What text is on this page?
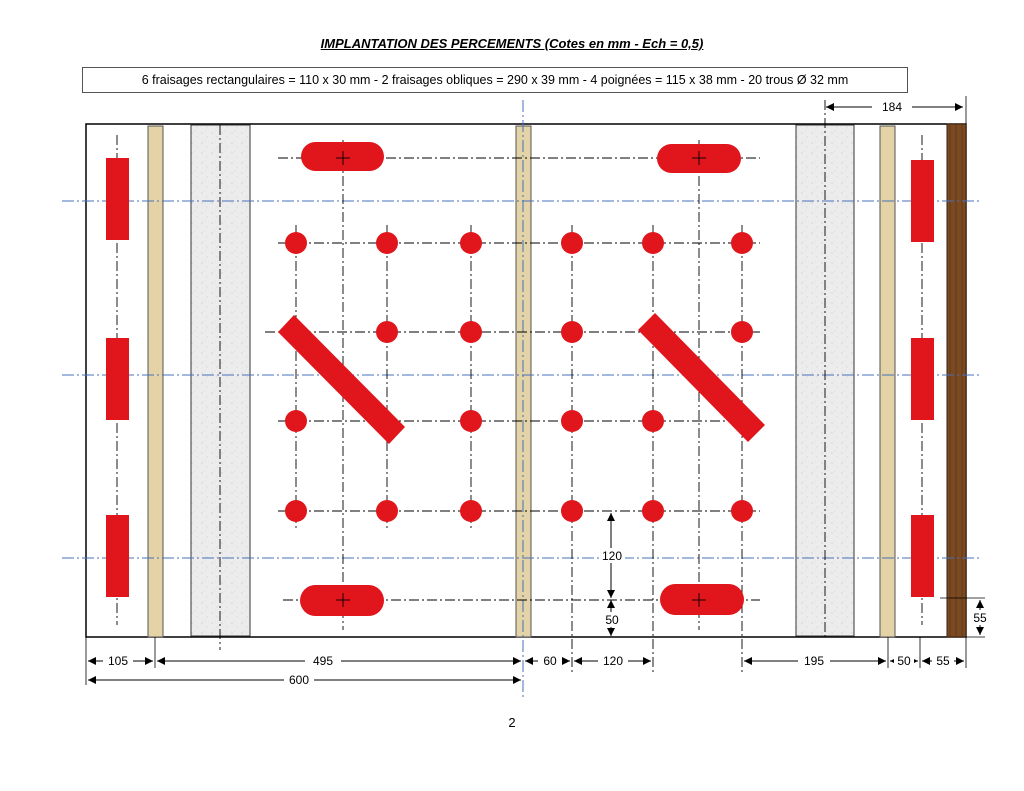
IMPLANTATION DES PERCEMENTS (Cotes en mm - Ech = 0,5)
6 fraisages rectangulaires = 110 x 30 mm - 2 fraisages obliques = 290 x 39 mm - 4 poignées = 115 x 38 mm - 20 trous Ø 32 mm
184
105	495	60	120	195	50 55
600
120
50	55
2
